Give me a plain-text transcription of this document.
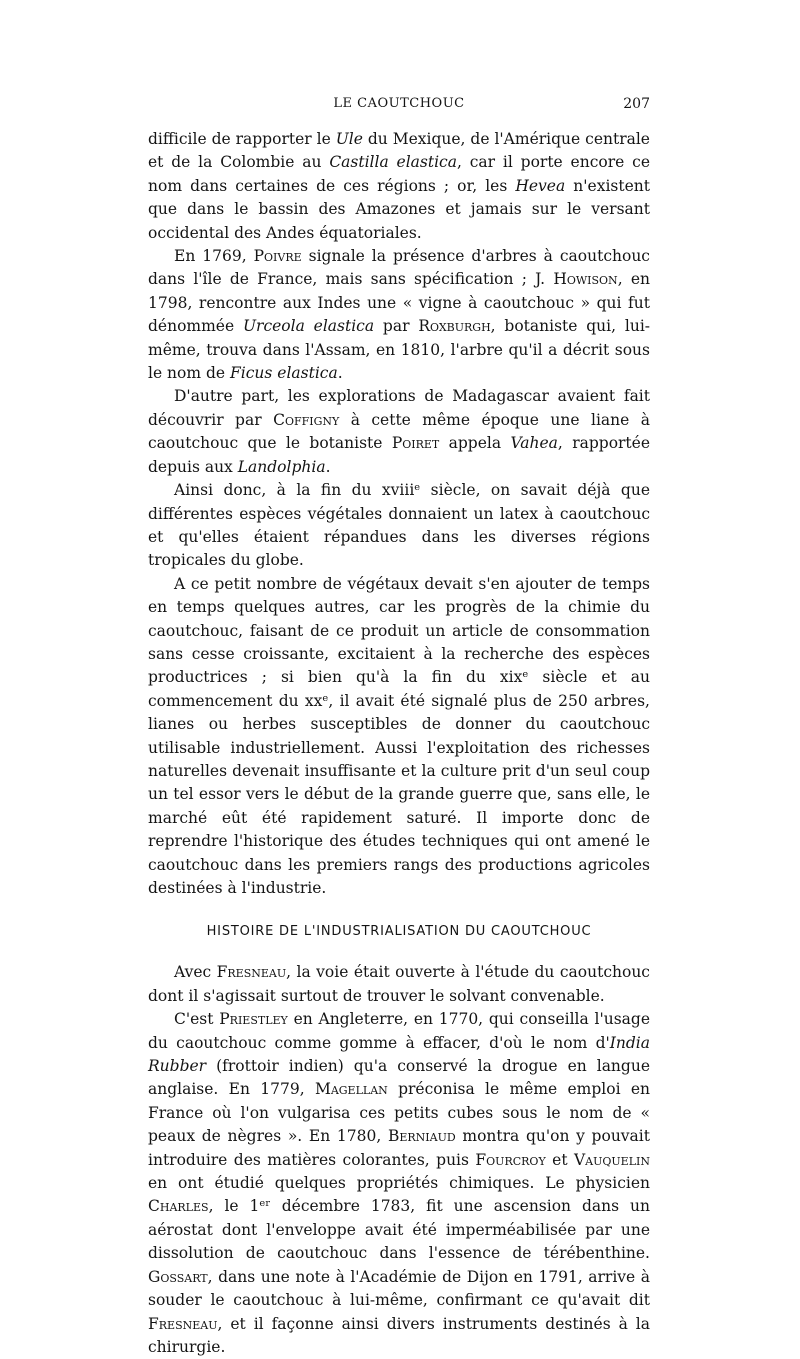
LE CAOUTCHOUC	207

difficile de rapporter le Ule du Mexique, de l'Amérique centrale et de la Colombie au Castilla elastica, car il porte encore ce nom dans certaines de ces régions ; or, les Hevea n'existent que dans le bassin des Amazones et jamais sur le versant occidental des Andes équatoriales.

En 1769, Poivre signale la présence d'arbres à caoutchouc dans l'île de France, mais sans spécification ; J. Howison, en 1798, rencontre aux Indes une « vigne à caoutchouc » qui fut dénommée Urceola elastica par Roxburgh, botaniste qui, lui-même, trouva dans l'Assam, en 1810, l'arbre qu'il a décrit sous le nom de Ficus elastica.

D'autre part, les explorations de Madagascar avaient fait découvrir par Coffigny à cette même époque une liane à caoutchouc que le botaniste Poiret appela Vahea, rapportée depuis aux Landolphia.

Ainsi donc, à la fin du xviiiᵉ siècle, on savait déjà que différentes espèces végétales donnaient un latex à caoutchouc et qu'elles étaient répandues dans les diverses régions tropicales du globe.

A ce petit nombre de végétaux devait s'en ajouter de temps en temps quelques autres, car les progrès de la chimie du caoutchouc, faisant de ce produit un article de consommation sans cesse croissante, excitaient à la recherche des espèces productrices ; si bien qu'à la fin du xixᵉ siècle et au commencement du xxᵉ, il avait été signalé plus de 250 arbres, lianes ou herbes susceptibles de donner du caoutchouc utilisable industriellement. Aussi l'exploitation des richesses naturelles devenait insuffisante et la culture prit d'un seul coup un tel essor vers le début de la grande guerre que, sans elle, le marché eût été rapidement saturé. Il importe donc de reprendre l'historique des études techniques qui ont amené le caoutchouc dans les premiers rangs des productions agricoles destinées à l'industrie.

HISTOIRE DE L'INDUSTRIALISATION DU CAOUTCHOUC

Avec Fresneau, la voie était ouverte à l'étude du caoutchouc dont il s'agissait surtout de trouver le solvant convenable.

C'est Priestley en Angleterre, en 1770, qui conseilla l'usage du caoutchouc comme gomme à effacer, d'où le nom d'India Rubber (frottoir indien) qu'a conservé la drogue en langue anglaise. En 1779, Magellan préconisa le même emploi en France où l'on vulgarisa ces petits cubes sous le nom de « peaux de nègres ». En 1780, Berniaud montra qu'on y pouvait introduire des matières colorantes, puis Fourcroy et Vauquelin en ont étudié quelques propriétés chimiques. Le physicien Charles, le 1ᵉʳ décembre 1783, fit une ascension dans un aérostat dont l'enveloppe avait été imperméabilisée par une dissolution de caoutchouc dans l'essence de térébenthine. Gossart, dans une note à l'Académie de Dijon en 1791, arrive à souder le caoutchouc à lui-même, confirmant ce qu'avait dit Fresneau, et il façonne ainsi divers instruments destinés à la chirurgie.
